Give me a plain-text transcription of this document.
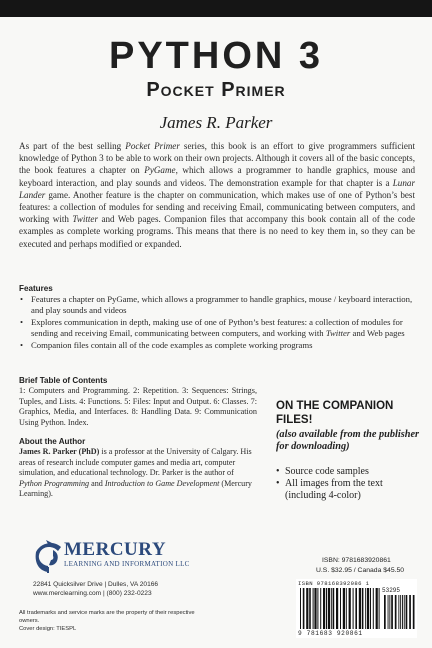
PYTHON 3
Pocket Primer
James R. Parker

As part of the best selling Pocket Primer series, this book is an effort to give programmers sufficient knowledge of Python 3 to be able to work on their own projects. Although it covers all of the basic concepts, the book features a chapter on PyGame, which allows a programmer to handle graphics, mouse and keyboard interaction, and play sounds and videos. The demonstration example for that chapter is a Lunar Lander game. Another feature is the chapter on communication, which makes use of one of Python’s best features: a collection of modules for sending and receiving Email, communicating between computers, and working with Twitter and Web pages. Companion files that accompany this book contain all of the code examples as complete working programs. This means that there is no need to key them in, so they can be executed and perhaps modified or expanded.

Features

• Features a chapter on PyGame, which allows a programmer to handle graphics, mouse / keyboard interaction, and play sounds and videos
• Explores communication in depth, making use of one of Python’s best features: a collection of modules for sending and receiving Email, communicating between computers, and working with Twitter and Web pages
• Companion files contain all of the code examples as complete working programs

Brief Table of Contents

1: Computers and Programming. 2: Repetition. 3: Sequences: Strings, Tuples, and Lists. 4: Functions. 5: Files: Input and Output. 6: Classes. 7: Graphics, Media, and Interfaces. 8: Handling Data. 9: Communication Using Python. Index.

About the Author

James R. Parker (PhD) is a professor at the University of Calgary. His areas of research include computer games and media art, computer simulation, and educational technology. Dr. Parker is the author of Python Programming and Introduction to Game Development (Mercury Learning).

ON THE COMPANION FILES!

(also available from the publisher for downloading)

• Source code samples
• All images from the text (including 4-color)
MERCURY
LEARNING AND INFORMATION LLC
22841 Quicksilver Drive | Dulles, VA 20166
www.merclearning.com | (800) 232-0223
All trademarks and service marks are the property of their respective owners.
Cover design: TIESPL
ISBN: 9781683920861
U.S. $32.95 / Canada $45.50
ISBN 978168392086 1
53295
9 781683 920861
